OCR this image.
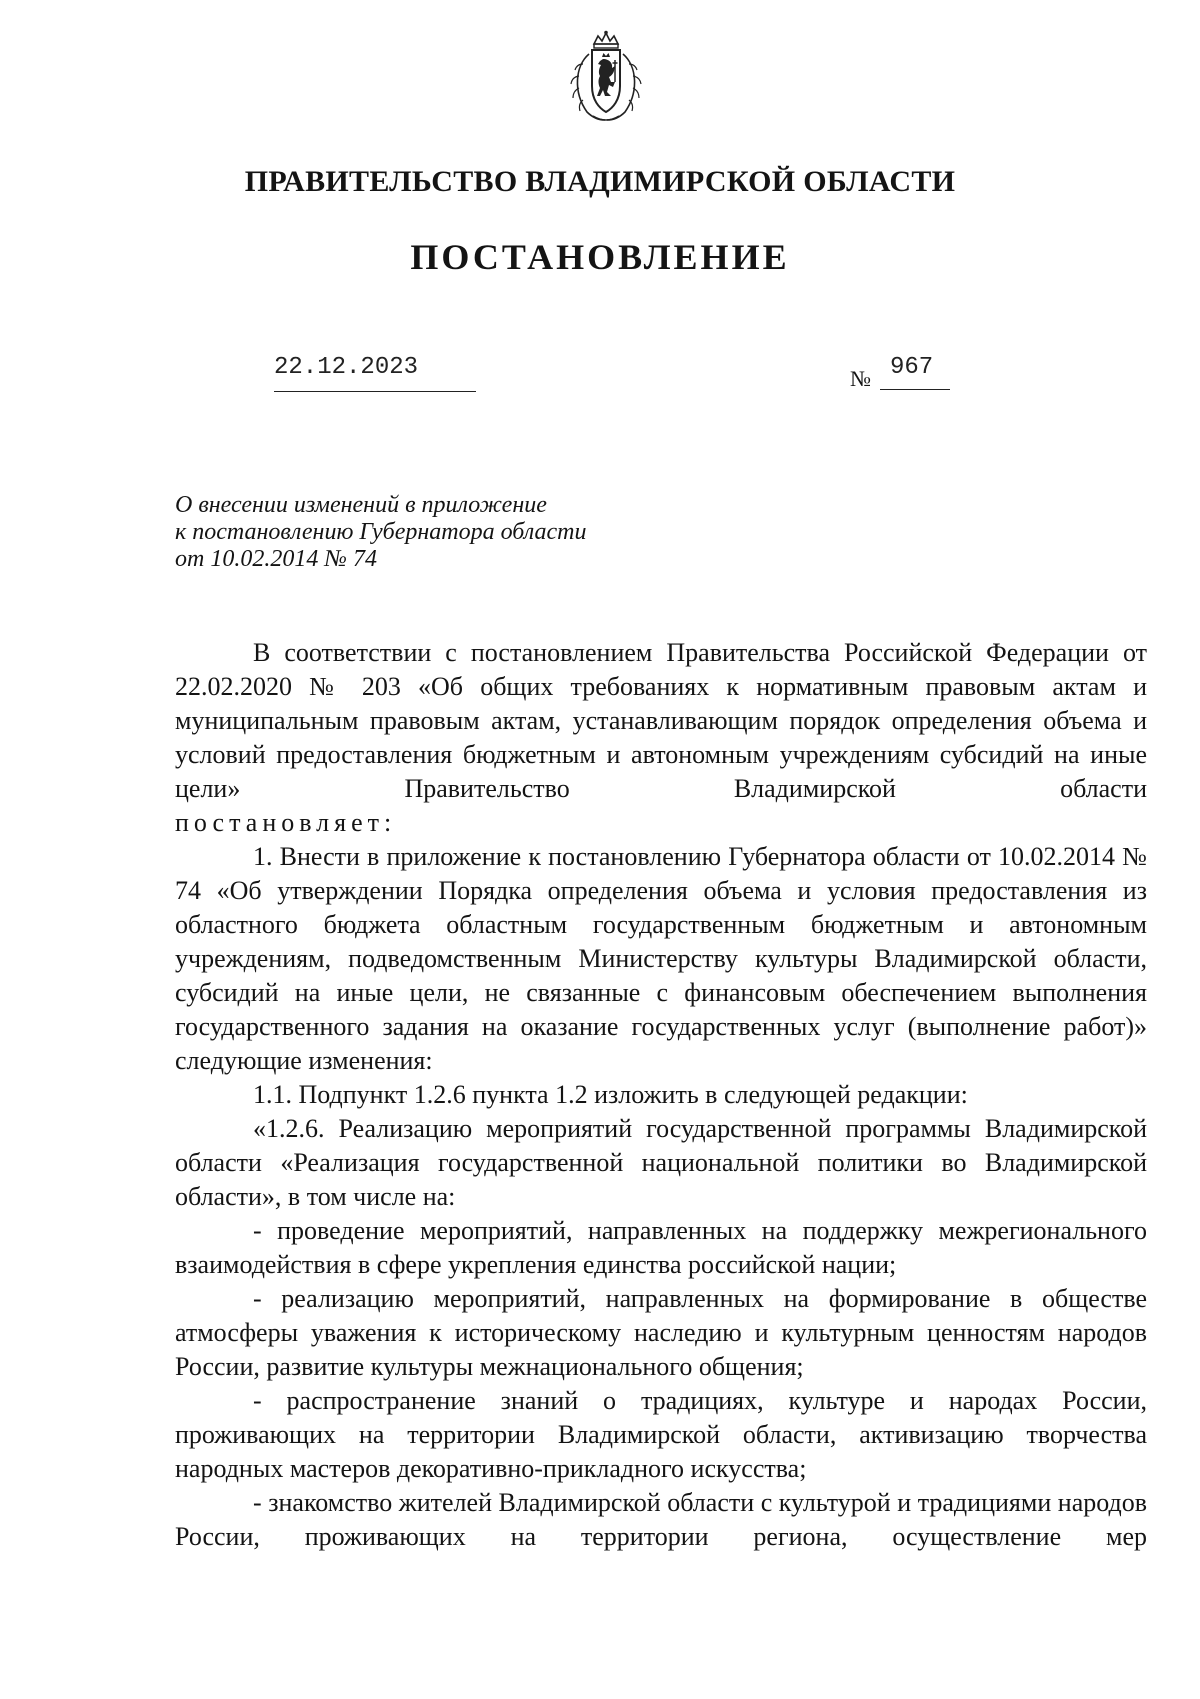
ПРАВИТЕЛЬСТВО ВЛАДИМИРСКОЙ ОБЛАСТИ
ПОСТАНОВЛЕНИЕ
22.12.2023	№ 967
О внесении изменений в приложение
к постановлению Губернатора области
от 10.02.2014 № 74

В соответствии с постановлением Правительства Российской Федерации от 22.02.2020 № 203 «Об общих требованиях к нормативным правовым актам и муниципальным правовым актам, устанавливающим порядок определения объема и условий предоставления бюджетным и автономным учреждениям субсидий на иные цели» Правительство Владимирской области

постановляет:

1. Внести в приложение к постановлению Губернатора области от 10.02.2014 № 74 «Об утверждении Порядка определения объема и условия предоставления из областного бюджета областным государственным бюджетным и автономным учреждениям, подведомственным Министерству культуры Владимирской области, субсидий на иные цели, не связанные с финансовым обеспечением выполнения государственного задания на оказание государственных услуг (выполнение работ)» следующие изменения:

1.1. Подпункт 1.2.6 пункта 1.2 изложить в следующей редакции:

«1.2.6. Реализацию мероприятий государственной программы Владимирской области «Реализация государственной национальной политики во Владимирской области», в том числе на:

- проведение мероприятий, направленных на поддержку межрегионального взаимодействия в сфере укрепления единства российской нации;

- реализацию мероприятий, направленных на формирование в обществе атмосферы уважения к историческому наследию и культурным ценностям народов России, развитие культуры межнационального общения;

- распространение знаний о традициях, культуре и народах России, проживающих на территории Владимирской области, активизацию творчества народных мастеров декоративно-прикладного искусства;

- знакомство жителей Владимирской области с культурой и традициями народов России, проживающих на территории региона, осуществление мер
